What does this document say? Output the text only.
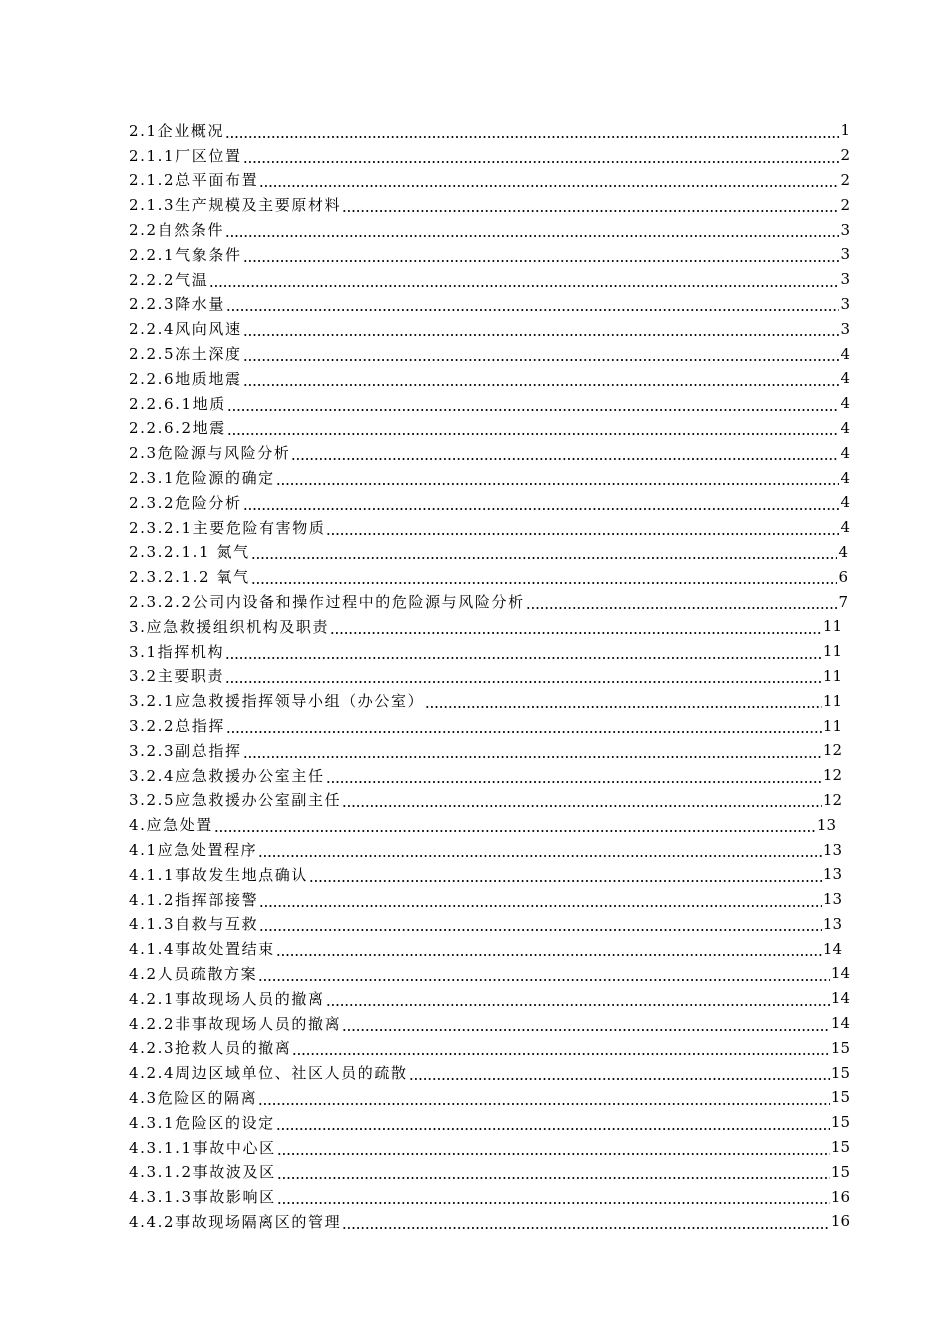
2.1企业概况	1
2.1.1厂区位置	2
2.1.2总平面布置	2
2.1.3生产规模及主要原材料	2
2.2自然条件	3
2.2.1气象条件	3
2.2.2气温	3
2.2.3降水量	3
2.2.4风向风速	3
2.2.5冻土深度	4
2.2.6地质地震	4
2.2.6.1地质	4
2.2.6.2地震	4
2.3危险源与风险分析	4
2.3.1危险源的确定	4
2.3.2危险分析	4
2.3.2.1主要危险有害物质	4
2.3.2.1.1 氮气	4
2.3.2.1.2 氧气	6
2.3.2.2公司内设备和操作过程中的危险源与风险分析	7
3.应急救援组织机构及职责	11
3.1指挥机构	11
3.2主要职责	11
3.2.1应急救援指挥领导小组（办公室）	11
3.2.2总指挥	11
3.2.3副总指挥	12
3.2.4应急救援办公室主任	12
3.2.5应急救援办公室副主任	12
4.应急处置	13
4.1应急处置程序	13
4.1.1事故发生地点确认	13
4.1.2指挥部接警	13
4.1.3自救与互救	13
4.1.4事故处置结束	14
4.2人员疏散方案	14
4.2.1事故现场人员的撤离	14
4.2.2非事故现场人员的撤离	14
4.2.3抢救人员的撤离	15
4.2.4周边区域单位、社区人员的疏散	15
4.3危险区的隔离	15
4.3.1危险区的设定	15
4.3.1.1事故中心区	15
4.3.1.2事故波及区	15
4.3.1.3事故影响区	16
4.4.2事故现场隔离区的管理	16
